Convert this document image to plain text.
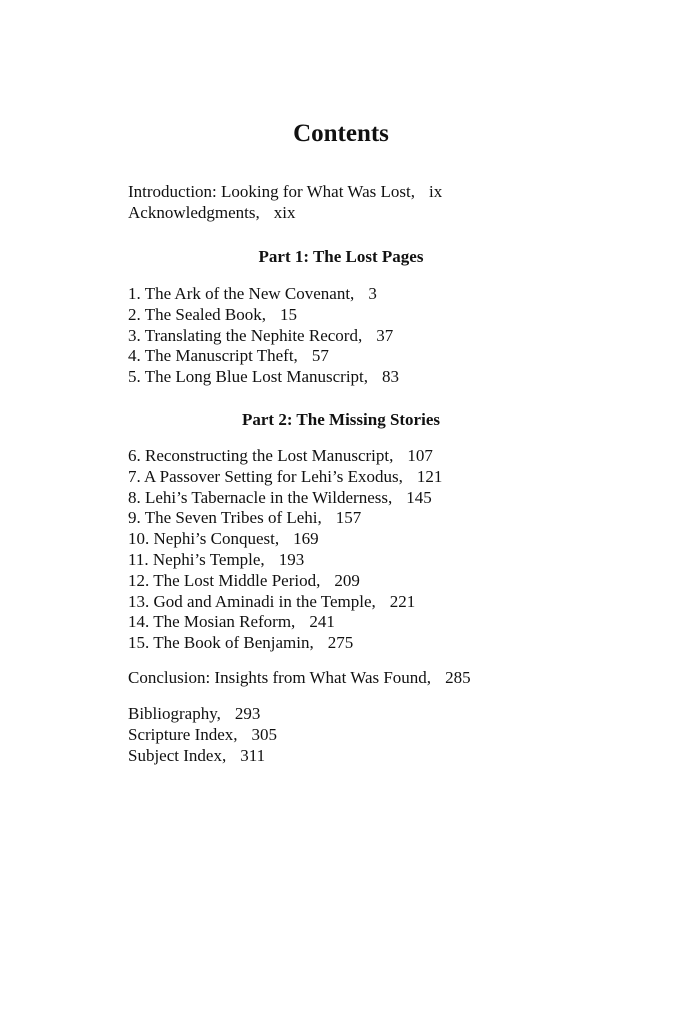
Contents
Introduction: Looking for What Was Lost, ix
Acknowledgments, xix
Part 1: The Lost Pages
1. The Ark of the New Covenant, 3
2. The Sealed Book, 15
3. Translating the Nephite Record, 37
4. The Manuscript Theft, 57
5. The Long Blue Lost Manuscript, 83
Part 2: The Missing Stories
6. Reconstructing the Lost Manuscript, 107
7. A Passover Setting for Lehi’s Exodus, 121
8. Lehi’s Tabernacle in the Wilderness, 145
9. The Seven Tribes of Lehi, 157
10. Nephi’s Conquest, 169
11. Nephi’s Temple, 193
12. The Lost Middle Period, 209
13. God and Aminadi in the Temple, 221
14. The Mosian Reform, 241
15. The Book of Benjamin, 275
Conclusion: Insights from What Was Found, 285
Bibliography, 293
Scripture Index, 305
Subject Index, 311
